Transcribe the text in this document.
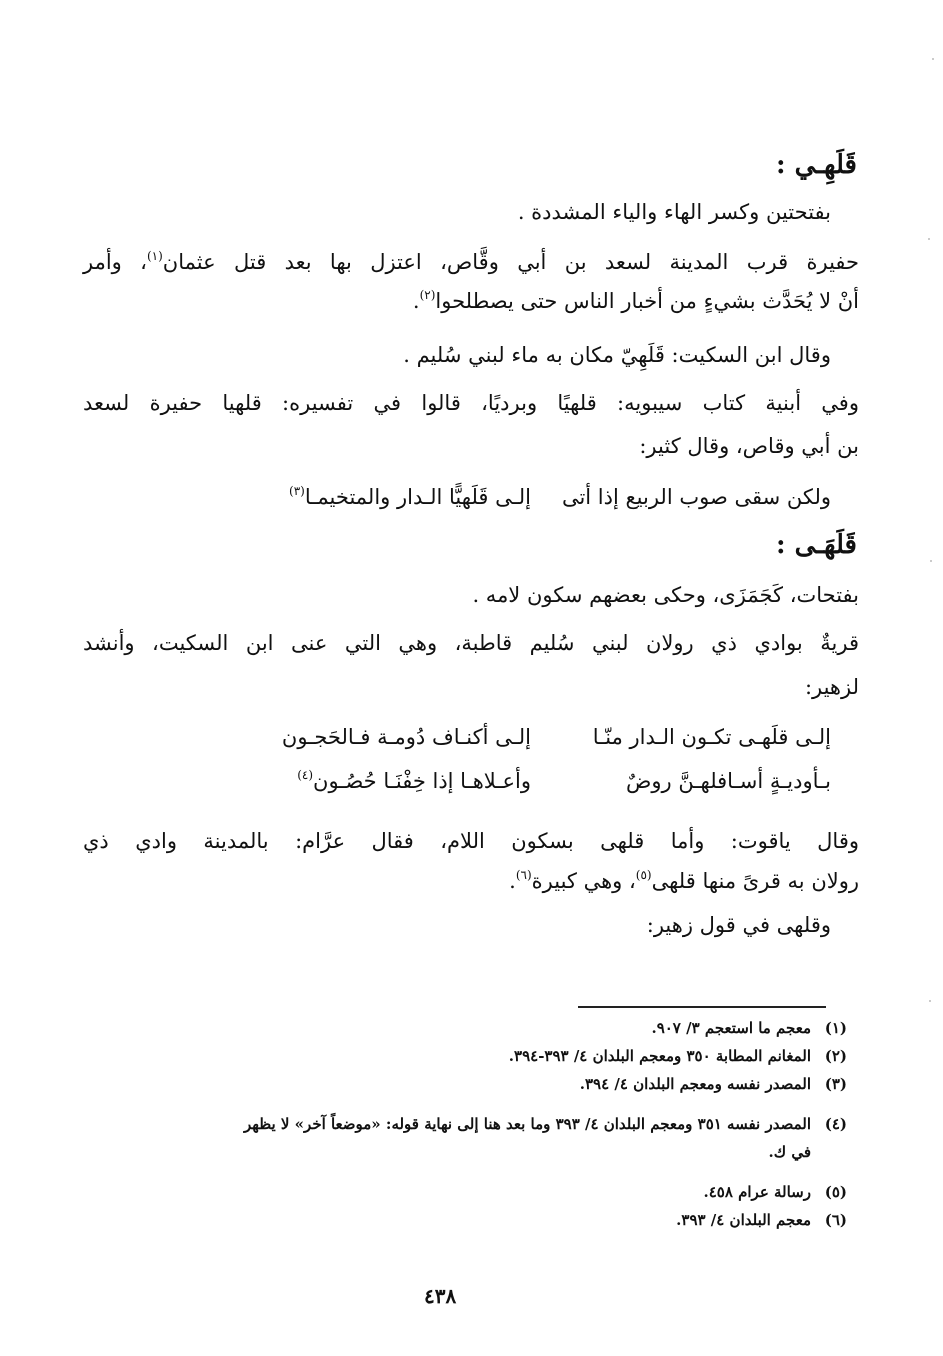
قَلَهِـي :
بفتحتين وكسر الهاء والياء المشددة .
حفيرة قرب المدينة لسعد بن أبي وقَّاص، اعتزل بها بعد قتل عثمان$^{(١)}$، وأمر
أنْ لا يُحَدَّث بشيءٍ من أخبار الناس حتى يصطلحوا$^{(٢)}$.
وقال ابن السكيت: قَلَهِيّ مكان به ماء لبني سُليم .
وفي أبنية كتاب سيبويه: قلهيًا وبرديًا، قالوا في تفسيره: قلهيا حفيرة لسعد
بن أبي وقاص، وقال كثير:
ولكن سقى صوب الربيع إذا أتى
إلـى قَلَهيًّا الـدار والمتخيمـا$^{(٣)}$
قَلَهَـى :
بفتحات، كَجَمَزَى، وحكى بعضهم سكون لامه .
قريةٌ بوادي ذي رولان لبني سُليم قاطبة، وهي التي عنى ابن السكيت، وأنشد
لزهير:
إلـى قلَهـى تكـون الـدار منّـا
إلـى أكنـاف دُومـة فـالحَجـون
بـأوديـةٍ أسـافلهـنَّ روضٌ
وأعـلاهـا إذا خِفْنَـا حُصُـون$^{(٤)}$
وقال ياقوت: وأما قلهى بسكون اللام، فقال عرَّام: بالمدينة وادي ذي
رولان به قرىً منها قلهى$^{(٥)}$، وهي كبيرة$^{(٦)}$.
وقلهى في قول زهير:
(١)معجم ما استعجم ٣/ ٩٠٧.
(٢)المغانم المطابة ٣٥٠ ومعجم البلدان ٤/ ٣٩٣-٣٩٤.
(٣)المصدر نفسه ومعجم البلدان ٤/ ٣٩٤.
(٤)المصدر نفسه ٣٥١ ومعجم البلدان ٤/ ٣٩٣ وما بعد هنا إلى نهاية قوله: «موضعاً آخر» لا يظهر
في ك.
(٥)رسالة عرام ٤٥٨.
(٦)معجم البلدان ٤/ ٣٩٣.
٤٣٨
